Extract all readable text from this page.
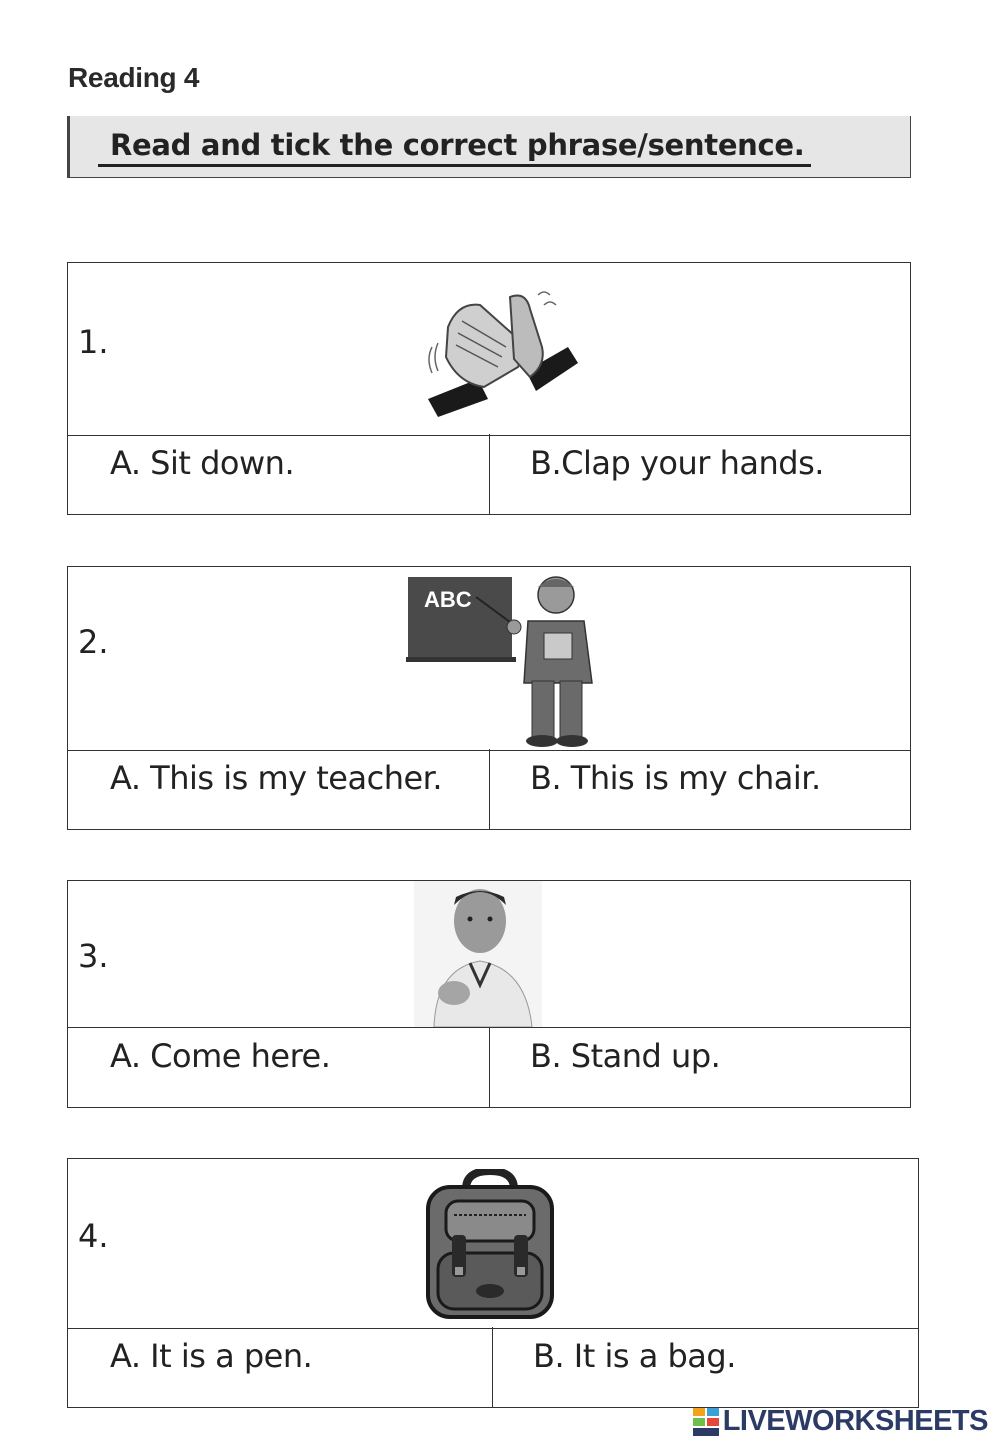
Reading 4
Read and tick the correct phrase/sentence.
1.
A. Sit down.	B.Clap your hands.
2.
ABC
A. This is my teacher.	B. This is my chair.
3.
A. Come here.	B. Stand up.
4.
A. It is a pen.	B. It is a bag.
LIVEWORKSHEETS
